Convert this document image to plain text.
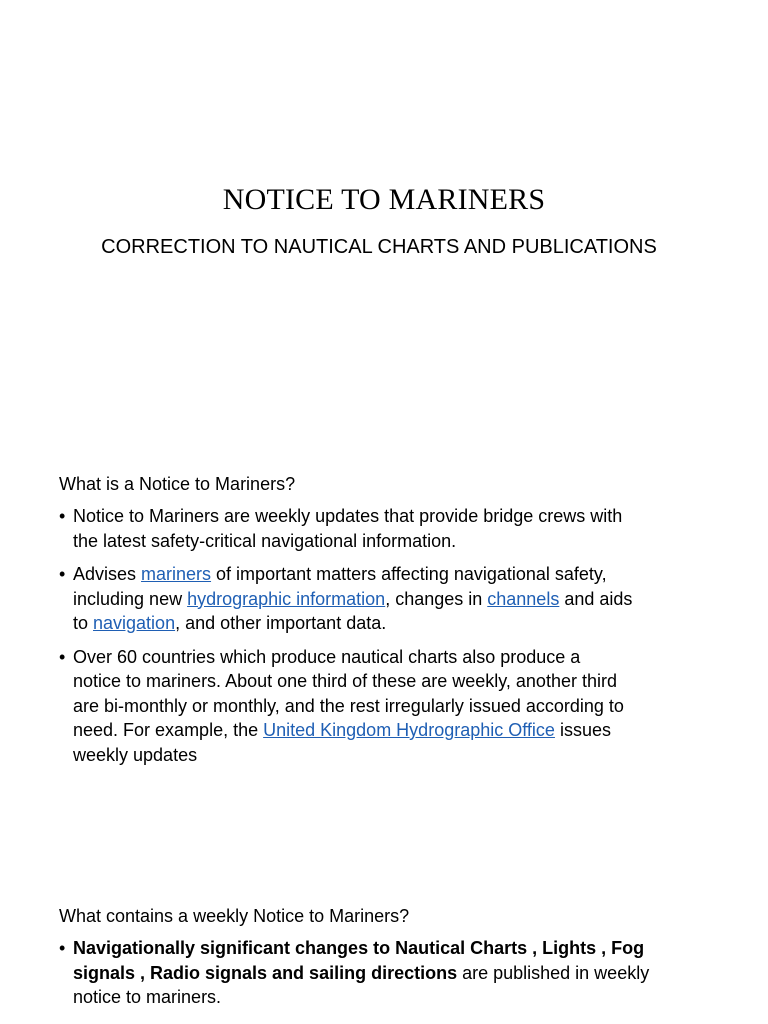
NOTICE TO MARINERS
CORRECTION TO NAUTICAL CHARTS AND PUBLICATIONS
What is a Notice to Mariners?
• Notice to Mariners are weekly updates that provide bridge crews with
the latest safety-critical navigational information.
• Advises mariners of important matters affecting navigational safety,
including new hydrographic information, changes in channels and aids
to navigation, and other important data.
• Over 60 countries which produce nautical charts also produce a
notice to mariners. About one third of these are weekly, another third
are bi-monthly or monthly, and the rest irregularly issued according to
need. For example, the United Kingdom Hydrographic Office issues
weekly updates
What contains a weekly Notice to Mariners?
• Navigationally significant changes to Nautical Charts , Lights , Fog
signals , Radio signals and sailing directions are published in weekly
notice to mariners.
